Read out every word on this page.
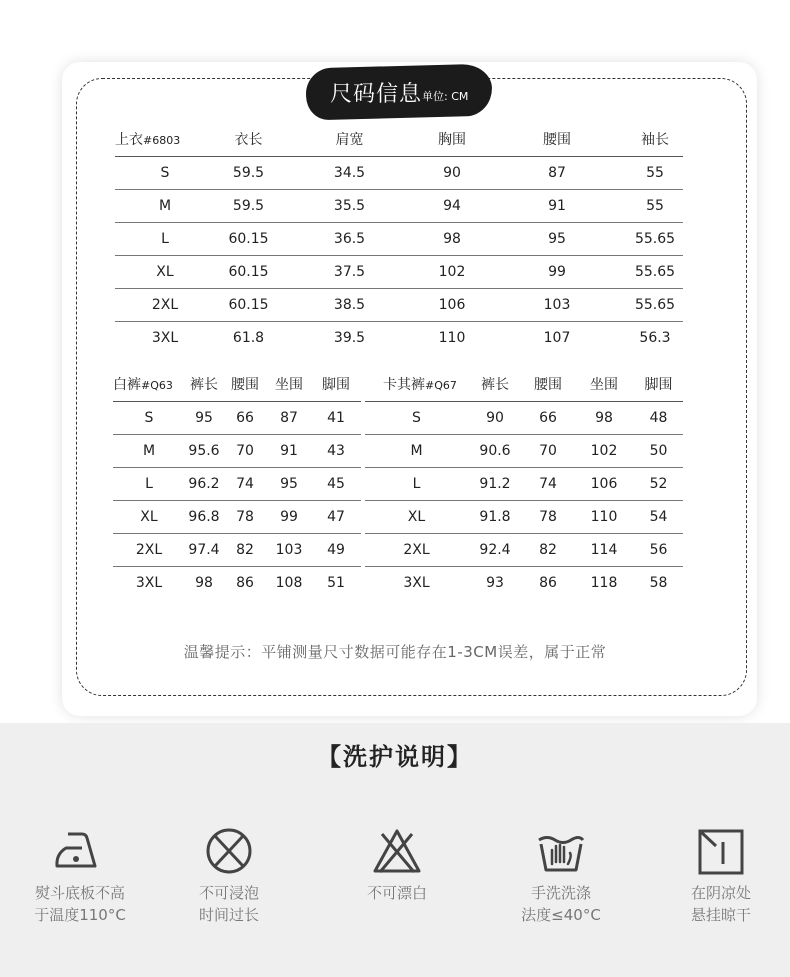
尺码信息 单位: CM
上衣#6803	衣长	肩宽	胸围	腰围	袖长
S	59.5	34.5	90	87	55
M	59.5	35.5	94	91	55
L	60.15	36.5	98	95	55.65
XL	60.15	37.5	102	99	55.65
2XL	60.15	38.5	106	103	55.65
3XL	61.8	39.5	110	107	56.3
白裤#Q63	裤长	腰围	坐围	脚围
S	95	66	87	41
M	95.6	70	91	43
L	96.2	74	95	45
XL	96.8	78	99	47
2XL	97.4	82	103	49
3XL	98	86	108	51
卡其裤#Q67	裤长	腰围	坐围	脚围
S	90	66	98	48
M	90.6	70	102	50
L	91.2	74	106	52
XL	91.8	78	110	54
2XL	92.4	82	114	56
3XL	93	86	118	58
温馨提示：平铺测量尺寸数据可能存在1-3CM误差，属于正常
【洗护说明】
熨斗底板不高
于温度110°C
不可浸泡
时间过长
不可漂白	手洗洗涤
法度≤40°C
在阴凉处
悬挂晾干
